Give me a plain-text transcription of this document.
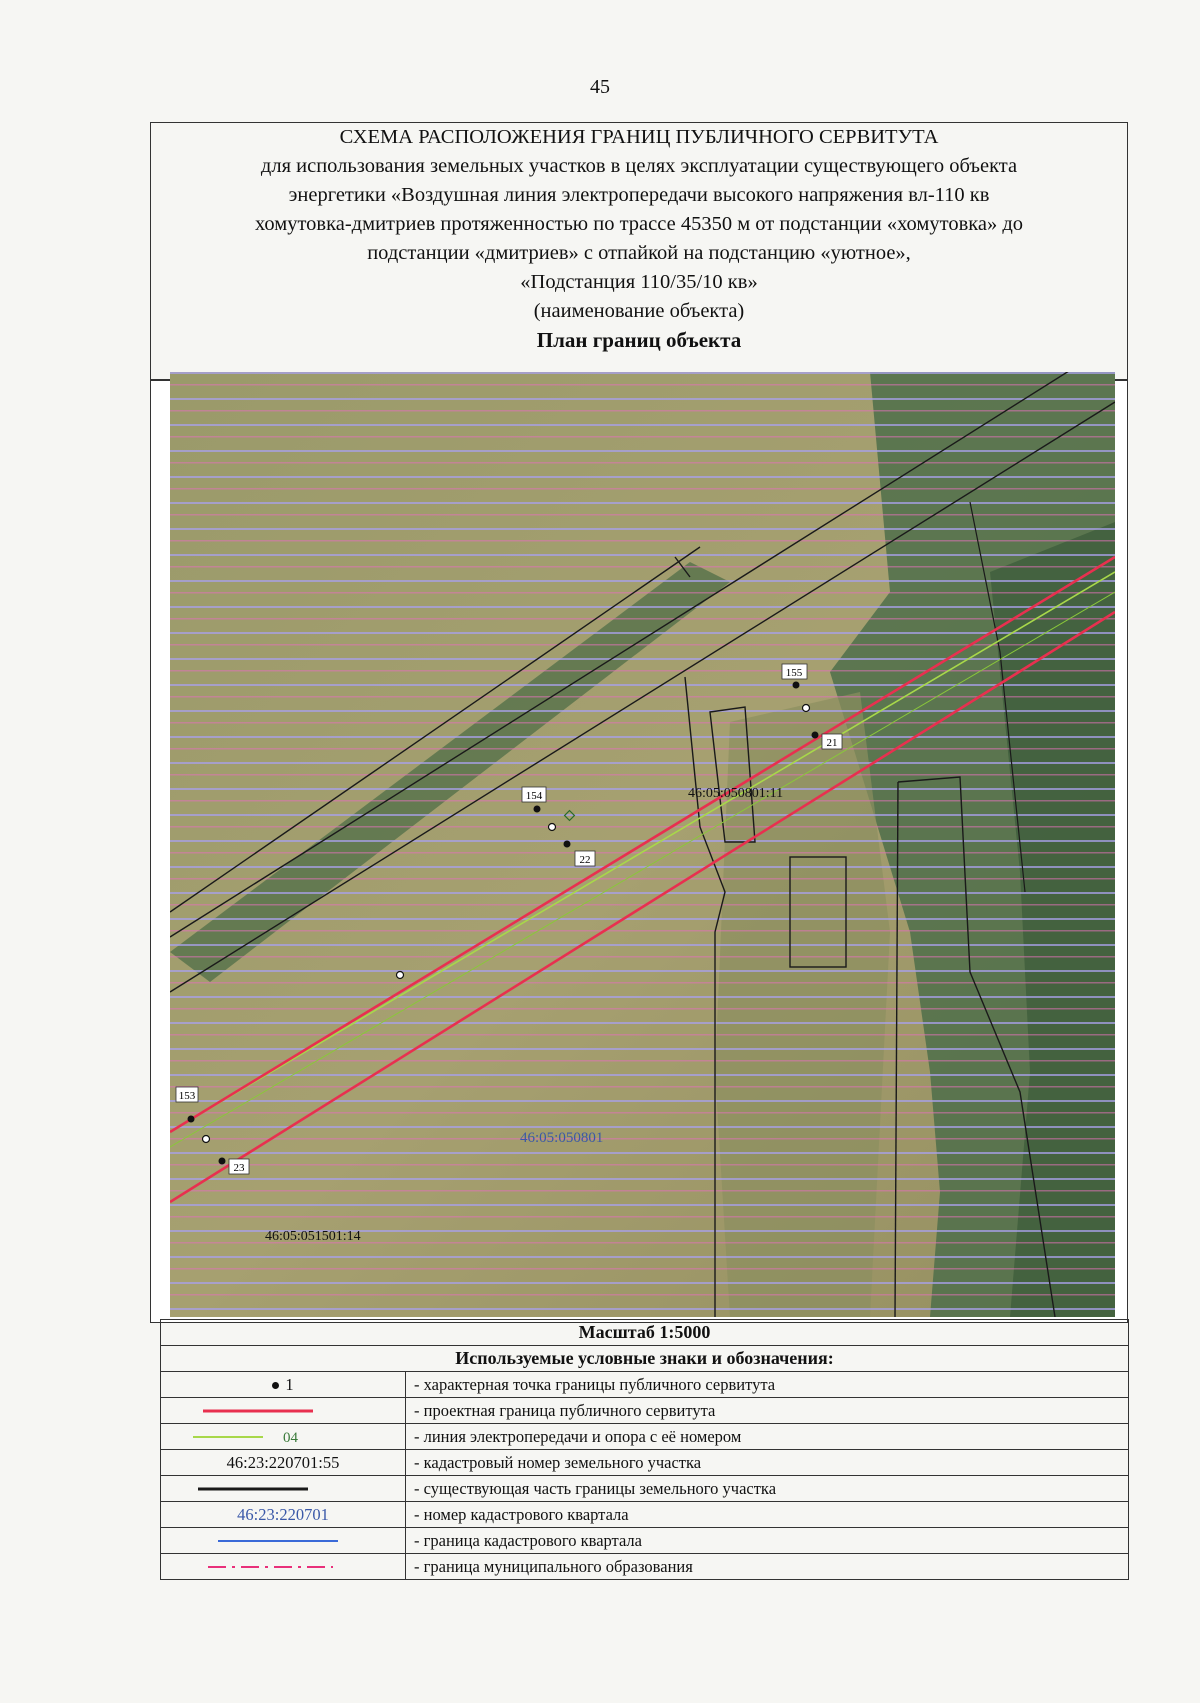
45
СХЕМА РАСПОЛОЖЕНИЯ ГРАНИЦ ПУБЛИЧНОГО СЕРВИТУТА
для использования земельных участков в целях эксплуатации существующего объекта
энергетики «Воздушная линия электропередачи высокого напряжения вл-110 кв
хомутовка-дмитриев протяженностью по трассе 45350 м от подстанции «хомутовка» до
подстанции «дмитриев» с отпайкой на подстанцию «уютное»,
«Подстанция 110/35/10 кв»
(наименование объекта)
План границ объекта
153
23
154
22
155
21
46:05:050801:11
46:05:051501:14
46:05:050801
Масштаб 1:5000	
Используемые условные знаки и обозначения:	
1	- характерная точка границы публичного сервитута

	- проектная граница публичного сервитута

04	- линия электропередачи и опора с её номером
46:23:220701:55	- кадастровый номер земельного участка

	- существующая часть границы земельного участка
46:23:220701	- номер кадастрового квартала

	- граница кадастрового квартала

	- граница муниципального образования
